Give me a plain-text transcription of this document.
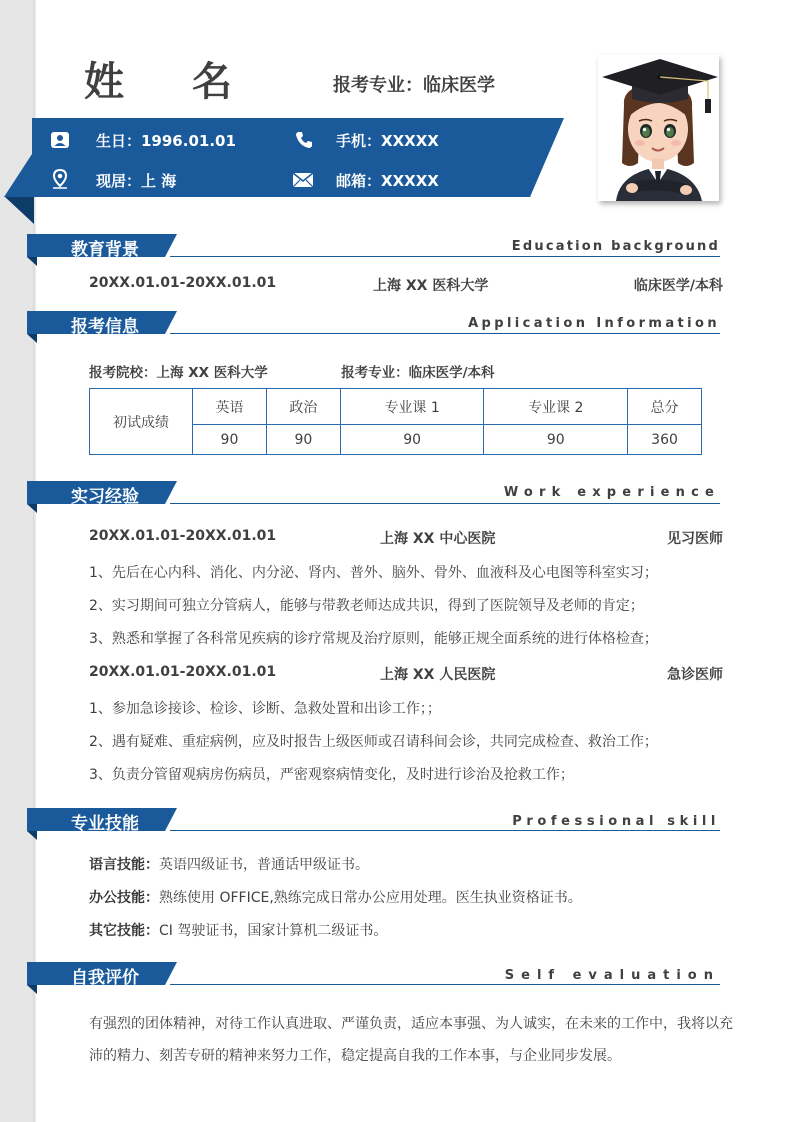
姓名 报考专业：临床医学
生日：1996.01.01	手机：XXXXX
现居：上 海	邮箱：XXXXX
教育背景	Education background
20XX.01.01-20XX.01.01	上海 XX 医科大学	临床医学/本科
报考信息	Application Information
报考院校：上海 XX 医科大学	报考专业：临床医学/本科
初试成绩	英语	政治	专业课 1	专业课 2	总分
	90	90	90	90	360
实习经验	Work experience
20XX.01.01-20XX.01.01	上海 XX 中心医院	见习医师
1、先后在心内科、消化、内分泌、肾内、普外、脑外、骨外、血液科及心电图等科室实习；
2、实习期间可独立分管病人，能够与带教老师达成共识，得到了医院领导及老师的肯定；
3、熟悉和掌握了各科常见疾病的诊疗常规及治疗原则，能够正规全面系统的进行体格检查；
20XX.01.01-20XX.01.01	上海 XX 人民医院	急诊医师
1、参加急诊接诊、检诊、诊断、急救处置和出诊工作；；
2、遇有疑难、重症病例，应及时报告上级医师或召请科间会诊，共同完成检查、救治工作；
3、负责分管留观病房伤病员，严密观察病情变化，及时进行诊治及抢救工作；
专业技能	Professional skill
语言技能：英语四级证书，普通话甲级证书。
办公技能：熟练使用 OFFICE,熟练完成日常办公应用处理。医生执业资格证书。
其它技能：CI 驾驶证书，国家计算机二级证书。
自我评价	Self evaluation
有强烈的团体精神，对待工作认真进取、严谨负责，适应本事强、为人诚实，在未来的工作中，我将以充沛的精力、刻苦专研的精神来努力工作，稳定提高自我的工作本事，与企业同步发展。
